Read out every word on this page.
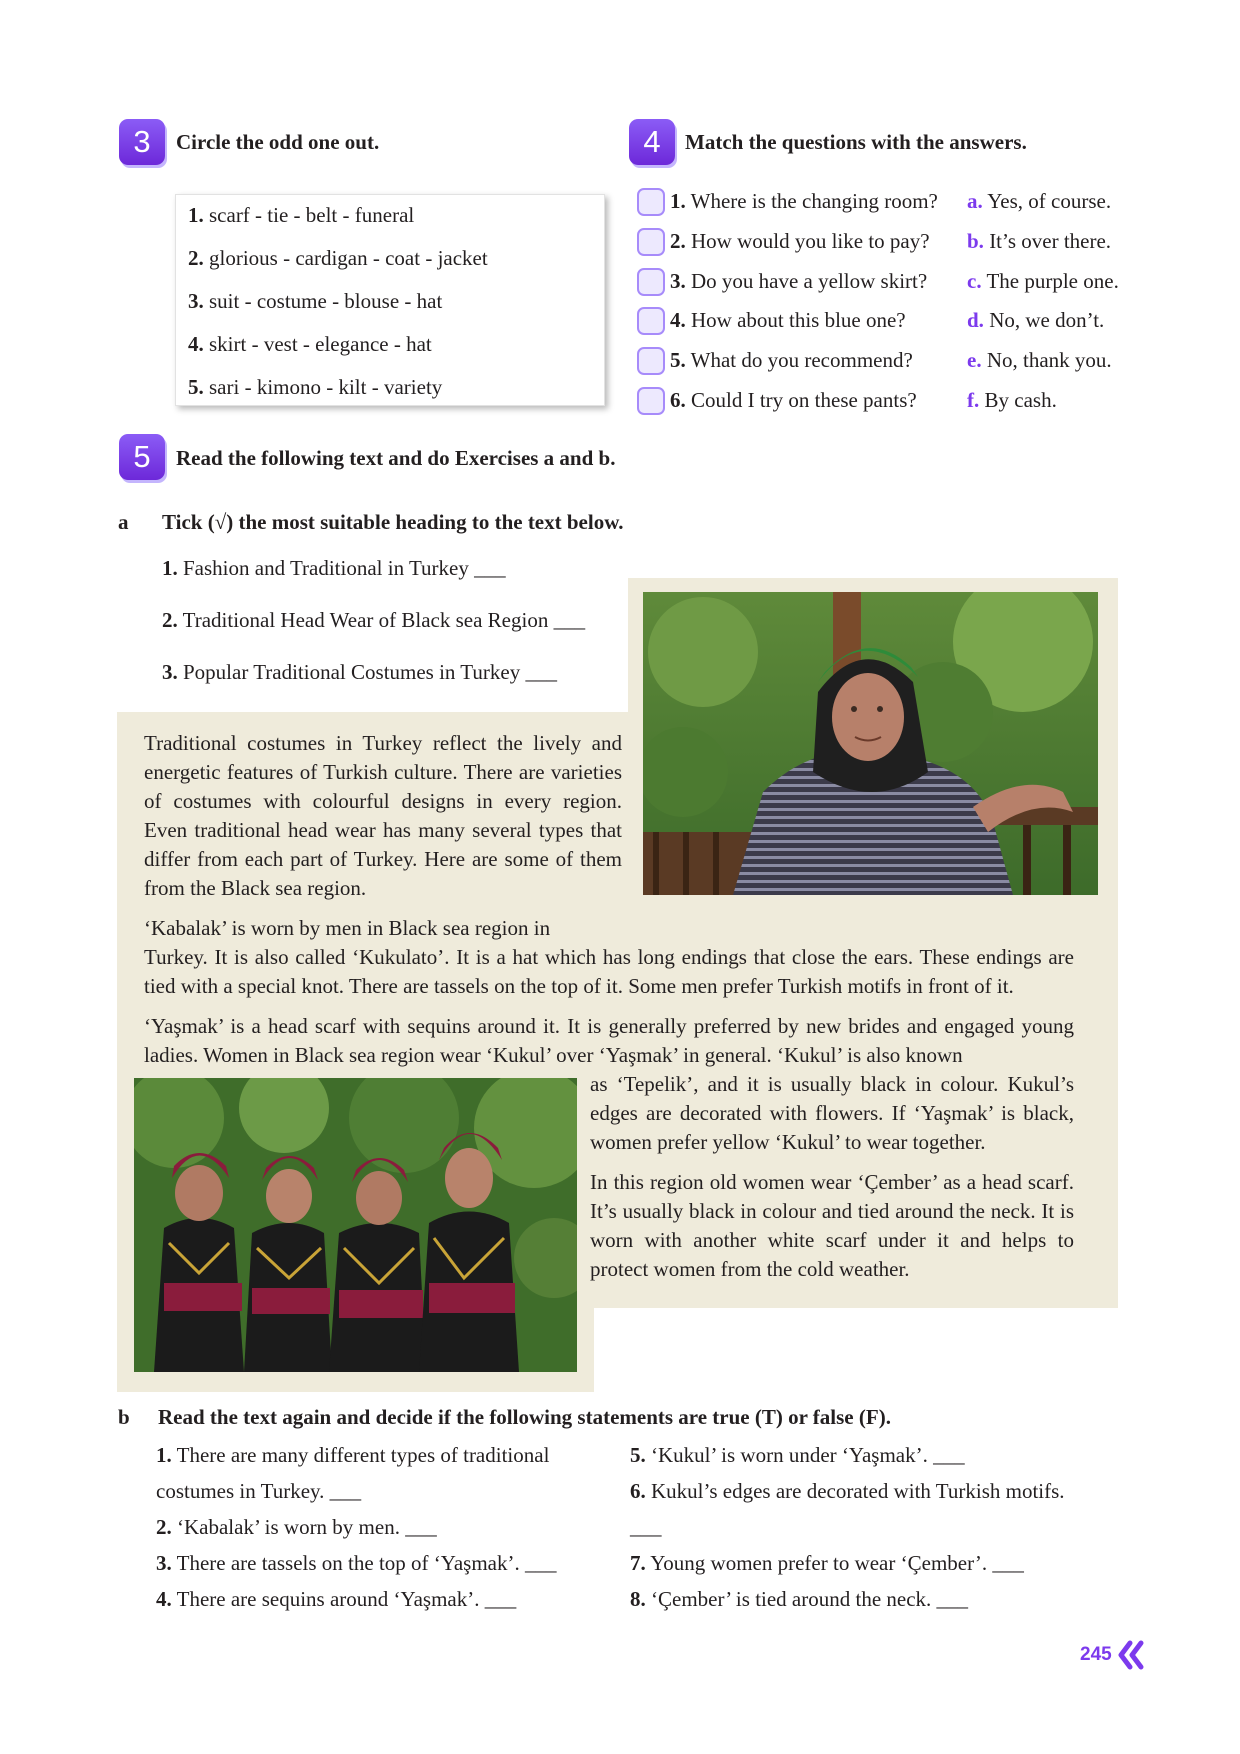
3 Circle the odd one out.
1. scarf - tie - belt - funeral
2. glorious - cardigan - coat - jacket
3. suit - costume - blouse - hat
4. skirt - vest - elegance - hat
5. sari - kimono - kilt - variety
4 Match the questions with the answers.
1. Where is the changing room?
2. How would you like to pay?
3. Do you have a yellow skirt?
4. How about this blue one?
5. What do you recommend?
6. Could I try on these pants?
a. Yes, of course.
b. It’s over there.
c. The purple one.
d. No, we don’t.
e. No, thank you.
f. By cash.
5 Read the following text and do Exercises a and b.
a Tick (√) the most suitable heading to the text below.
1. Fashion and Traditional in Turkey ___
2. Traditional Head Wear of Black sea Region ___
3. Popular Traditional Costumes in Turkey ___
Traditional costumes in Turkey reflect the lively and energetic features of Turkish culture. There are varieties of costumes with colourful designs in every region. Even traditional head wear has many several types that differ from each part of Turkey. Here are some of them from the Black sea region.
‘Kabalak’ is worn by men in Black sea region in
Turkey. It is also called ‘Kukulato’. It is a hat which has long endings that close the ears. These endings are tied with a special knot. There are tassels on the top of it. Some men prefer Turkish motifs in front of it.
‘Yaşmak’ is a head scarf with sequins around it. It is generally preferred by new brides and engaged young ladies. Women in Black sea region wear ‘Kukul’ over ‘Yaşmak’ in general. ‘Kukul’ is also known
as ‘Tepelik’, and it is usually black in colour. Kukul’s edges are decorated with flowers. If ‘Yaşmak’ is black, women prefer yellow ‘Kukul’ to wear together.
In this region old women wear ‘Çember’ as a head scarf. It’s usually black in colour and tied around the neck. It is worn with another white scarf under it and helps to protect women from the cold weather.
b Read the text again and decide if the following statements are true (T) or false (F).
1. There are many different types of traditional costumes in Turkey. ___
2. ‘Kabalak’ is worn by men. ___
3. There are tassels on the top of ‘Yaşmak’. ___
4. There are sequins around ‘Yaşmak’. ___
5. ‘Kukul’ is worn under ‘Yaşmak’. ___
6. Kukul’s edges are decorated with Turkish motifs. ___
7. Young women prefer to wear ‘Çember’. ___
8. ‘Çember’ is tied around the neck. ___
245
